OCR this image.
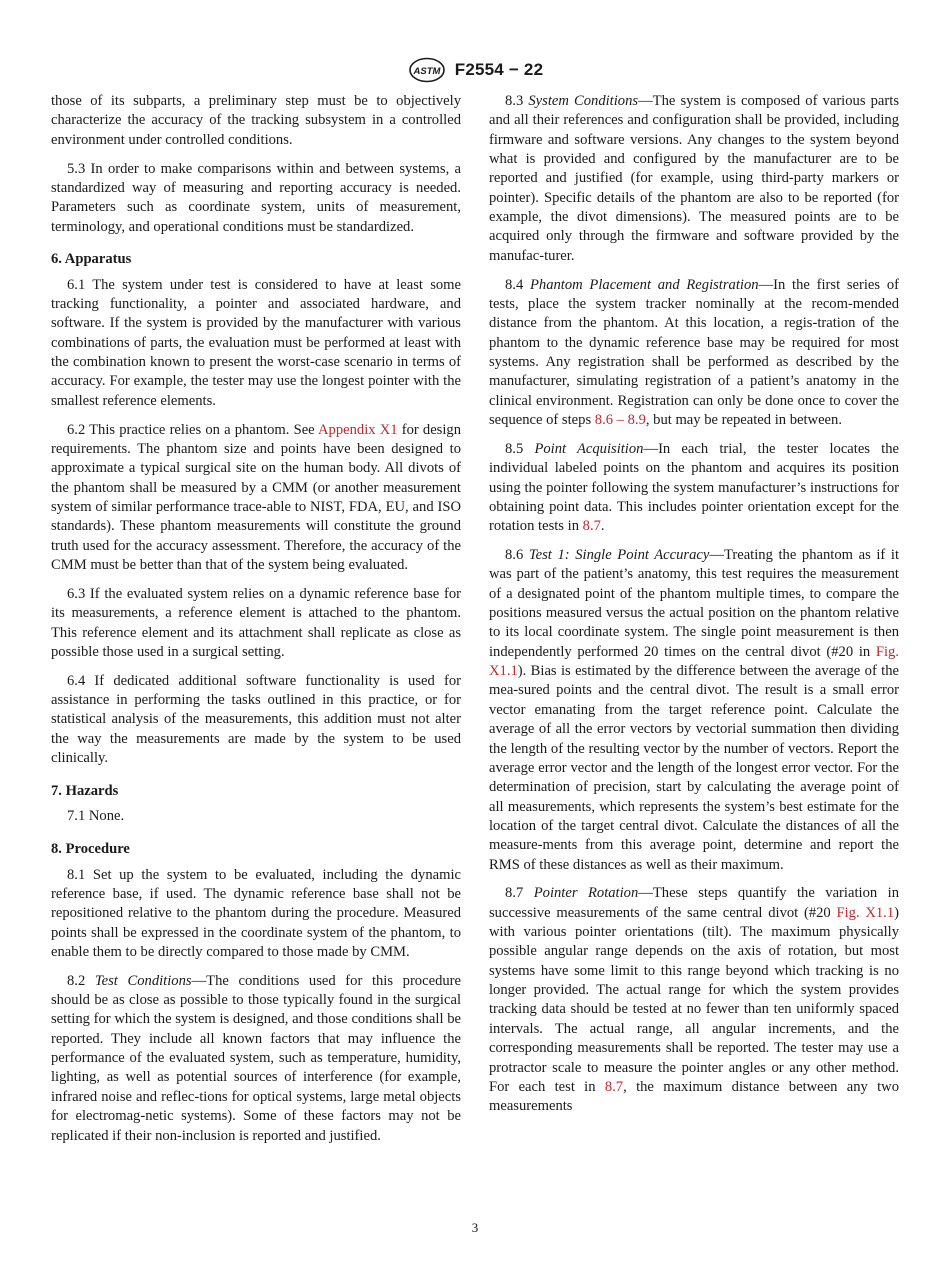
ASTM F2554 − 22

those of its subparts, a preliminary step must be to objectively characterize the accuracy of the tracking subsystem in a controlled environment under controlled conditions.

5.3 In order to make comparisons within and between systems, a standardized way of measuring and reporting accuracy is needed. Parameters such as coordinate system, units of measurement, terminology, and operational conditions must be standardized.

6. Apparatus

6.1 The system under test is considered to have at least some tracking functionality, a pointer and associated hardware, and software. If the system is provided by the manufacturer with various combinations of parts, the evaluation must be performed at least with the combination known to present the worst-case scenario in terms of accuracy. For example, the tester may use the longest pointer with the smallest reference elements.

6.2 This practice relies on a phantom. See Appendix X1 for design requirements. The phantom size and points have been designed to approximate a typical surgical site on the human body. All divots of the phantom shall be measured by a CMM (or another measurement system of similar performance trace-able to NIST, FDA, EU, and ISO standards). These phantom measurements will constitute the ground truth used for the accuracy assessment. Therefore, the accuracy of the CMM must be better than that of the system being evaluated.

6.3 If the evaluated system relies on a dynamic reference base for its measurements, a reference element is attached to the phantom. This reference element and its attachment shall replicate as close as possible those used in a surgical setting.

6.4 If dedicated additional software functionality is used for assistance in performing the tasks outlined in this practice, or for statistical analysis of the measurements, this addition must not alter the way the measurements are made by the system to be used clinically.

7. Hazards

7.1 None.

8. Procedure

8.1 Set up the system to be evaluated, including the dynamic reference base, if used. The dynamic reference base shall not be repositioned relative to the phantom during the procedure. Measured points shall be expressed in the coordinate system of the phantom, to enable them to be directly compared to those made by CMM.

8.2 Test Conditions—The conditions used for this procedure should be as close as possible to those typically found in the surgical setting for which the system is designed, and those conditions shall be reported. They include all known factors that may influence the performance of the evaluated system, such as temperature, humidity, lighting, as well as potential sources of interference (for example, infrared noise and reflec-tions for optical systems, large metal objects for electromag-netic systems). Some of these factors may not be replicated if their non-inclusion is reported and justified.

8.3 System Conditions—The system is composed of various parts and all their references and configuration shall be provided, including firmware and software versions. Any changes to the system beyond what is provided and configured by the manufacturer are to be reported and justified (for example, using third-party markers or pointer). Specific details of the phantom are also to be reported (for example, the divot dimensions). The measured points are to be acquired only through the firmware and software provided by the manufac-turer.

8.4 Phantom Placement and Registration—In the first series of tests, place the system tracker nominally at the recom-mended distance from the phantom. At this location, a regis-tration of the phantom to the dynamic reference base may be required for most systems. Any registration shall be performed as described by the manufacturer, simulating registration of a patient’s anatomy in the clinical environment. Registration can only be done once to cover the sequence of steps 8.6 – 8.9, but may be repeated in between.

8.5 Point Acquisition—In each trial, the tester locates the individual labeled points on the phantom and acquires its position using the pointer following the system manufacturer’s instructions for obtaining point data. This includes pointer orientation except for the rotation tests in 8.7.

8.6 Test 1: Single Point Accuracy—Treating the phantom as if it was part of the patient’s anatomy, this test requires the measurement of a designated point of the phantom multiple times, to compare the positions measured versus the actual position on the phantom relative to its local coordinate system. The single point measurement is then independently performed 20 times on the central divot (#20 in Fig. X1.1). Bias is estimated by the difference between the average of the mea-sured points and the central divot. The result is a small error vector emanating from the target reference point. Calculate the average of all the error vectors by vectorial summation then dividing the length of the resulting vector by the number of vectors. Report the average error vector and the length of the longest error vector. For the determination of precision, start by calculating the average point of all measurements, which represents the system’s best estimate for the location of the target central divot. Calculate the distances of all the measure-ments from this average point, determine and report the RMS of these distances as well as their maximum.

8.7 Pointer Rotation—These steps quantify the variation in successive measurements of the same central divot (#20 Fig. X1.1) with various pointer orientations (tilt). The maximum physically possible angular range depends on the axis of rotation, but most systems have some limit to this range beyond which tracking is no longer provided. The actual range for which the system provides tracking data should be tested at no fewer than ten uniformly spaced intervals. The actual range, all angular increments, and the corresponding measurements shall be reported. The tester may use a protractor scale to measure the pointer angles or any other method. For each test in 8.7, the maximum distance between any two measurements

3
